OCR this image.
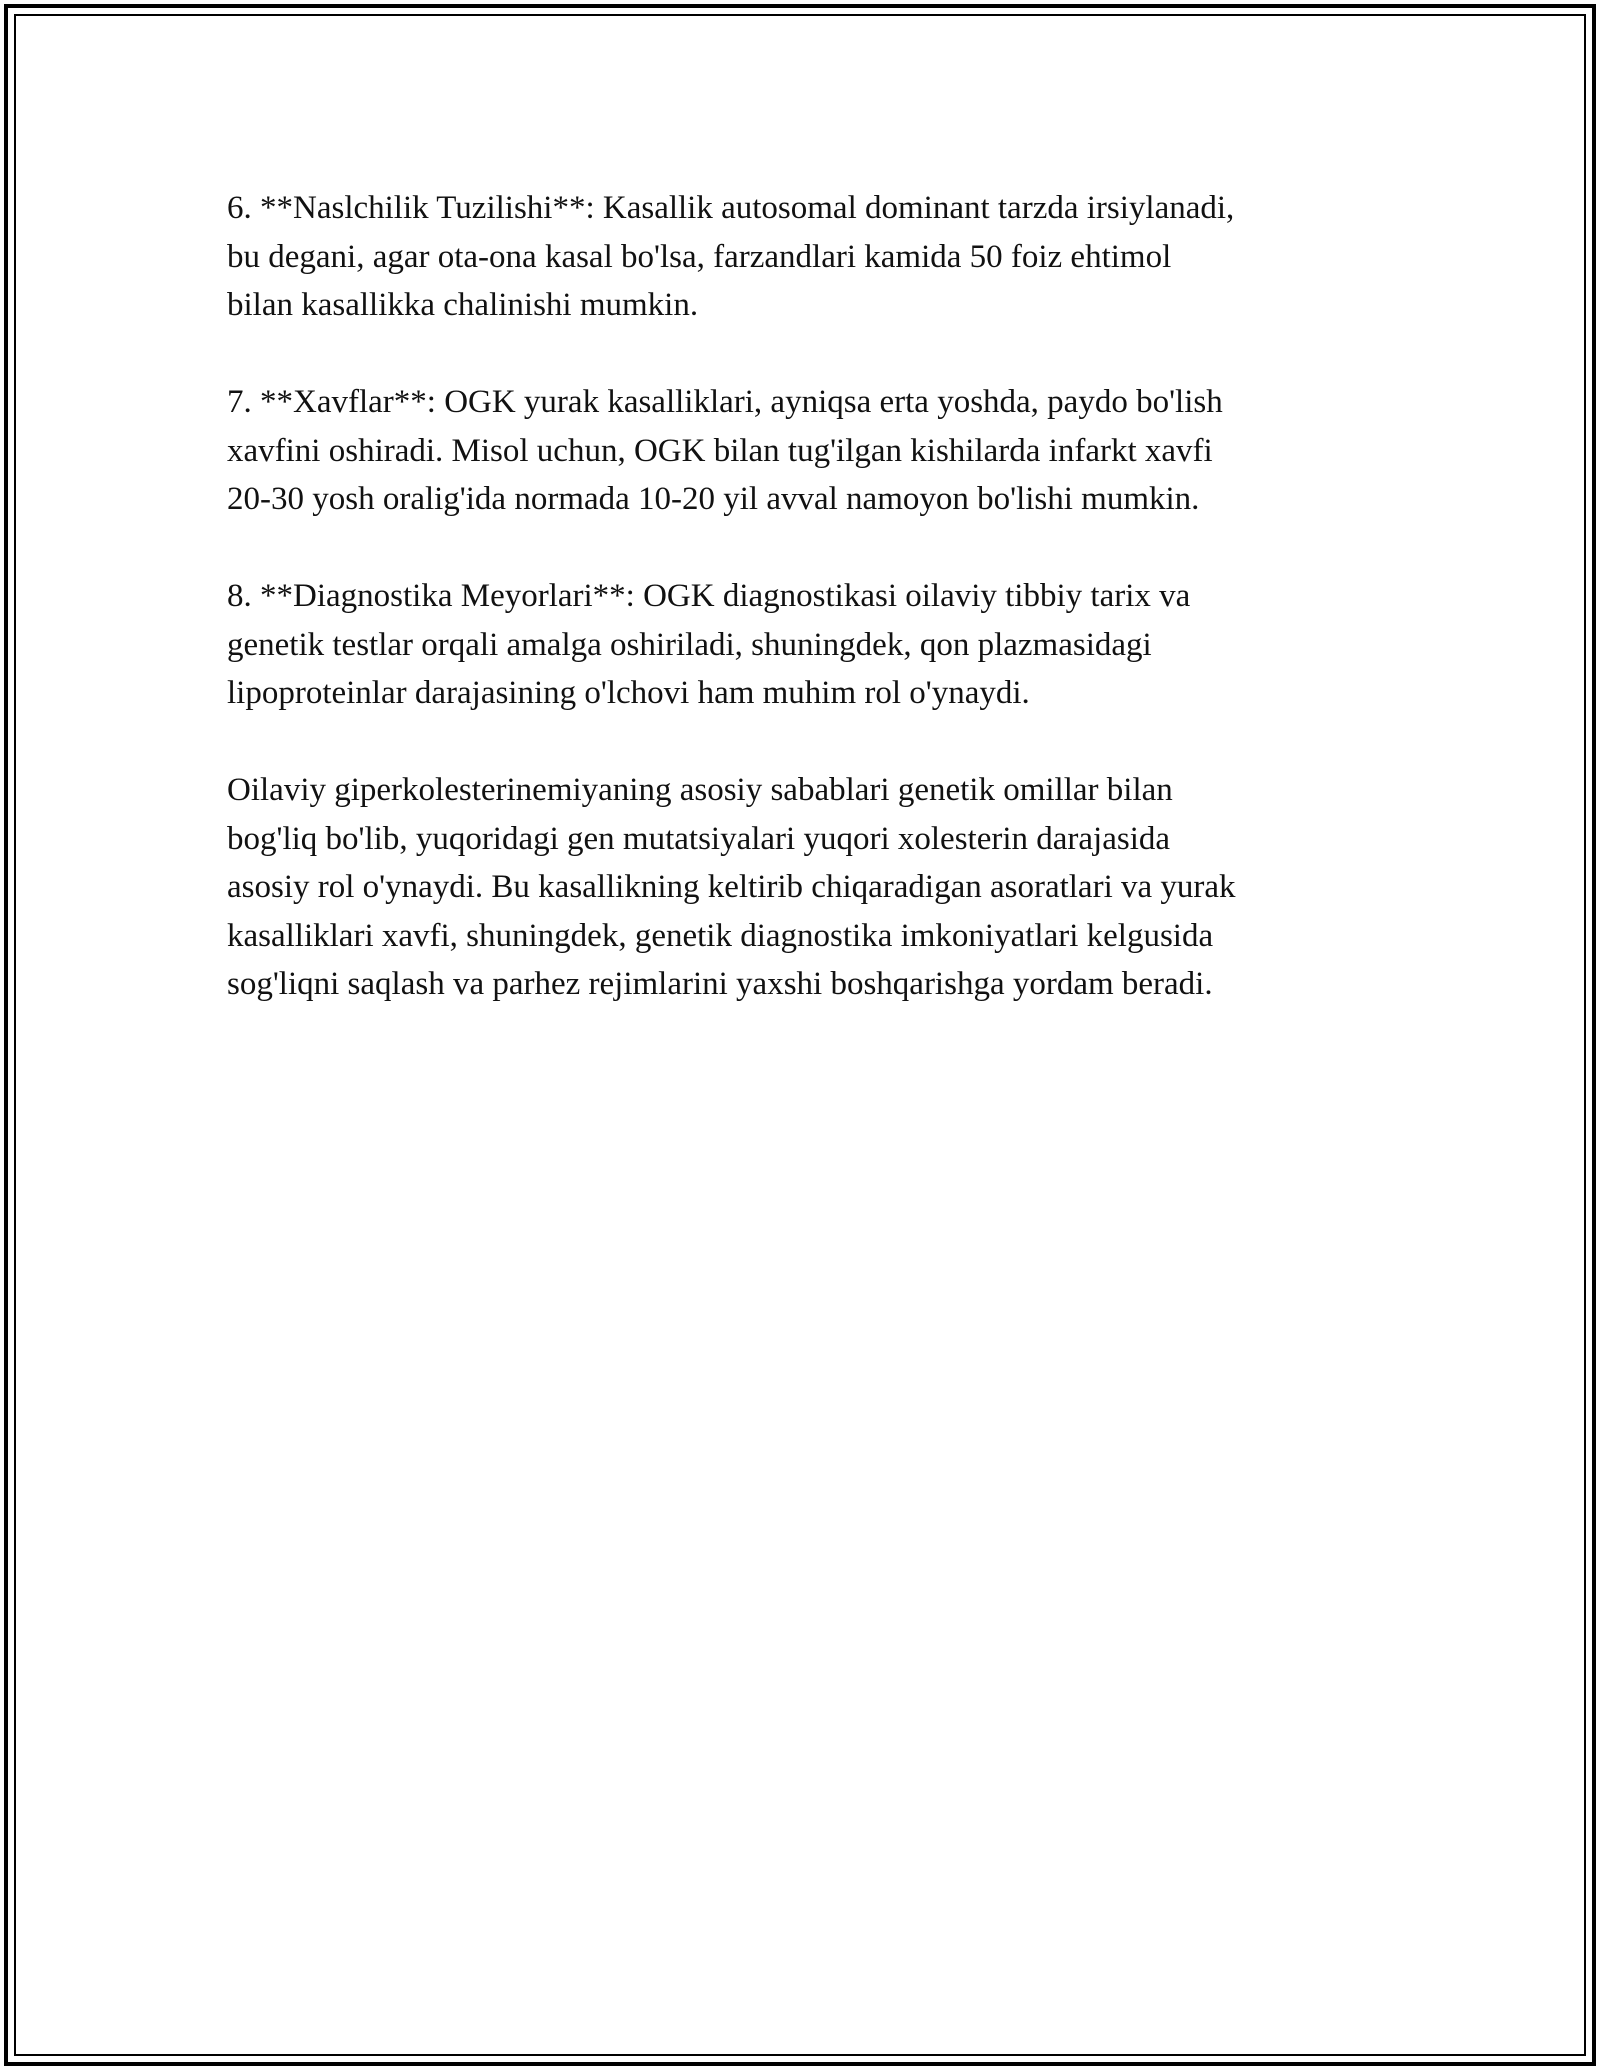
6. **Naslchilik Tuzilishi**: Kasallik autosomal dominant tarzda irsiylanadi,
bu degani, agar ota-ona kasal bo'lsa, farzandlari kamida 50 foiz ehtimol
bilan kasallikka chalinishi mumkin.

7. **Xavflar**: OGK yurak kasalliklari, ayniqsa erta yoshda, paydo bo'lish
xavfini oshiradi. Misol uchun, OGK bilan tug'ilgan kishilarda infarkt xavfi
20-30 yosh oralig'ida normada 10-20 yil avval namoyon bo'lishi mumkin.

8. **Diagnostika Meyorlari**: OGK diagnostikasi oilaviy tibbiy tarix va
genetik testlar orqali amalga oshiriladi, shuningdek, qon plazmasidagi
lipoproteinlar darajasining o'lchovi ham muhim rol o'ynaydi.

Oilaviy giperkolesterinemiyaning asosiy sabablari genetik omillar bilan
bog'liq bo'lib, yuqoridagi gen mutatsiyalari yuqori xolesterin darajasida
asosiy rol o'ynaydi. Bu kasallikning keltirib chiqaradigan asoratlari va yurak
kasalliklari xavfi, shuningdek, genetik diagnostika imkoniyatlari kelgusida
sog'liqni saqlash va parhez rejimlarini yaxshi boshqarishga yordam beradi.
